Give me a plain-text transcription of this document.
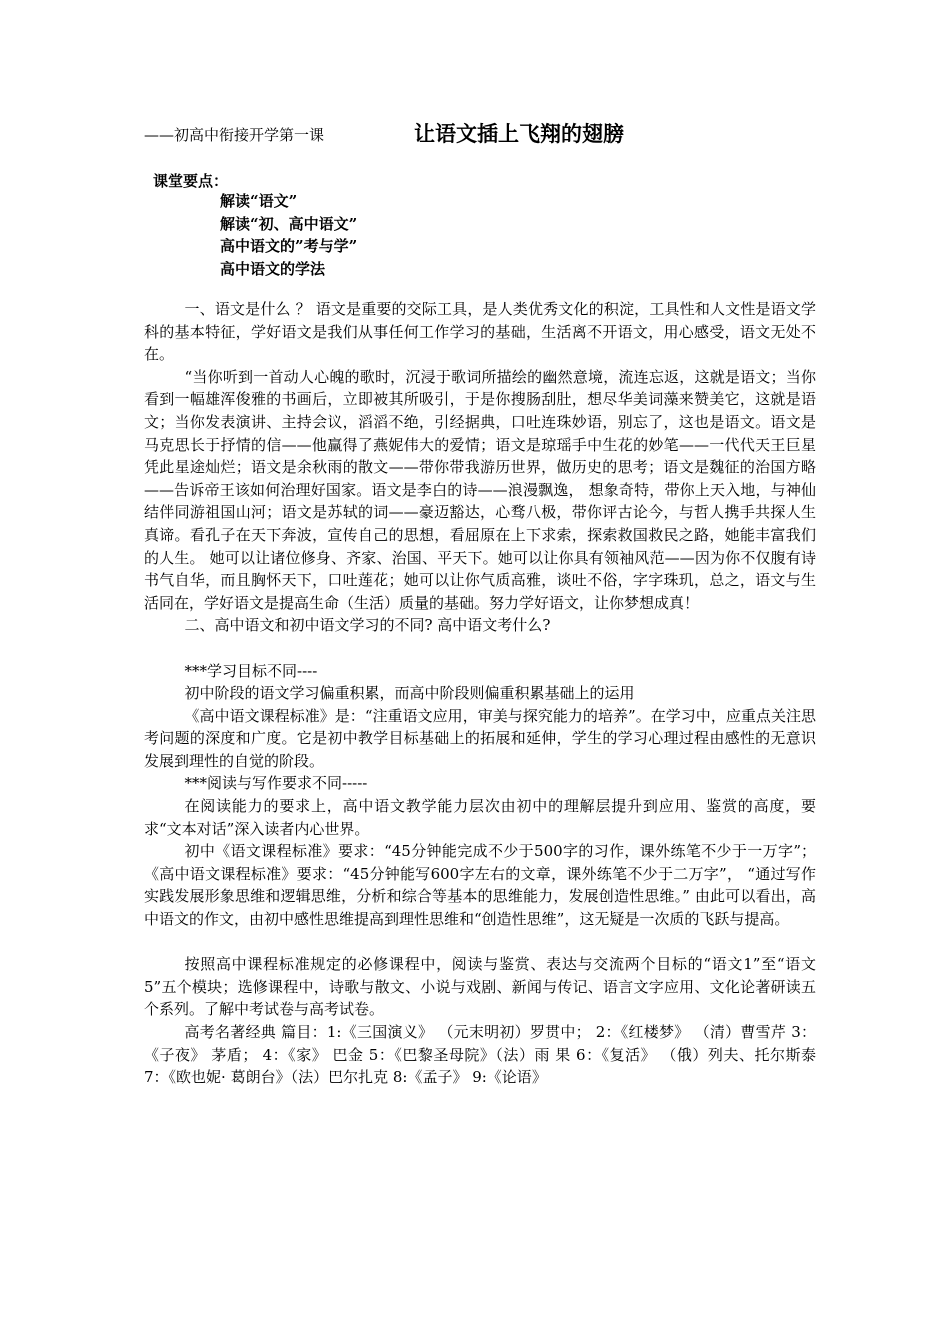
——初高中衔接开学第一课	让语文插上飞翔的翅膀
课堂要点：
解读“语文”
解读“初、高中语文”
高中语文的”考与学”
高中语文的学法

一、语文是什么 ？ 语文是重要的交际工具，是人类优秀文化的积淀，工具性和人文性是语文学科的基本特征，学好语文是我们从事任何工作学习的基础，生活离不开语文，用心感受，语文无处不在。

“当你听到一首动人心魄的歌时，沉浸于歌词所描绘的幽然意境，流连忘返，这就是语文；当你看到一幅雄浑俊雅的书画后，立即被其所吸引，于是你搜肠刮肚，想尽华美词藻来赞美它，这就是语文；当你发表演讲、主持会议，滔滔不绝，引经据典，口吐连珠妙语，别忘了，这也是语文。语文是马克思长于抒情的信——他赢得了燕妮伟大的爱情；语文是琼瑶手中生花的妙笔——一代代天王巨星凭此星途灿烂；语文是余秋雨的散文——带你带我游历世界，做历史的思考；语文是魏征的治国方略——告诉帝王该如何治理好国家。语文是李白的诗——浪漫飘逸， 想象奇特，带你上天入地，与神仙结伴同游祖国山河；语文是苏轼的词——豪迈豁达，心骛八极，带你评古论今，与哲人携手共探人生真谛。看孔子在天下奔波，宣传自己的思想，看屈原在上下求索，探索救国救民之路，她能丰富我们的人生。 她可以让诸位修身、齐家、治国、平天下。她可以让你具有领袖风范——因为你不仅腹有诗书气自华，而且胸怀天下，口吐莲花；她可以让你气质高雅，谈吐不俗，字字珠玑，总之，语文与生活同在，学好语文是提高生命（生活）质量的基础。努力学好语文，让你梦想成真！

二、高中语文和初中语文学习的不同? 高中语文考什么?

***学习目标不同----

初中阶段的语文学习偏重积累，而高中阶段则偏重积累基础上的运用

《高中语文课程标准》是：“注重语文应用，审美与探究能力的培养”。在学习中，应重点关注思考问题的深度和广度。它是初中教学目标基础上的拓展和延伸，学生的学习心理过程由感性的无意识发展到理性的自觉的阶段。

***阅读与写作要求不同-----

在阅读能力的要求上，高中语文教学能力层次由初中的理解层提升到应用、鉴赏的高度，要求“文本对话”深入读者内心世界。

初中《语文课程标准》要求：“45分钟能完成不少于500字的习作，课外练笔不少于一万字”； 《高中语文课程标准》要求：“45分钟能写600字左右的文章，课外练笔不少于二万字”， “通过写作实践发展形象思维和逻辑思维，分析和综合等基本的思维能力，发展创造性思维。” 由此可以看出，高中语文的作文，由初中感性思维提高到理性思维和“创造性思维”，这无疑是一次质的飞跃与提高。

按照高中课程标准规定的必修课程中，阅读与鉴赏、表达与交流两个目标的“语文1”至“语文5”五个模块；选修课程中，诗歌与散文、小说与戏剧、新闻与传记、语言文字应用、文化论著研读五个系列。了解中考试卷与高考试卷。

高考名著经典 篇目：1:《三国演义》 （元末明初）罗贯中； 2：《红楼梦》 （清）曹雪芹 3：《子夜》 茅盾； 4：《家》 巴金 5：《巴黎圣母院》（法）雨 果 6：《复活》 （俄）列夫、托尔斯泰 7：《欧也妮· 葛朗台》（法）巴尔扎克 8:《孟子》 9:《论语》
